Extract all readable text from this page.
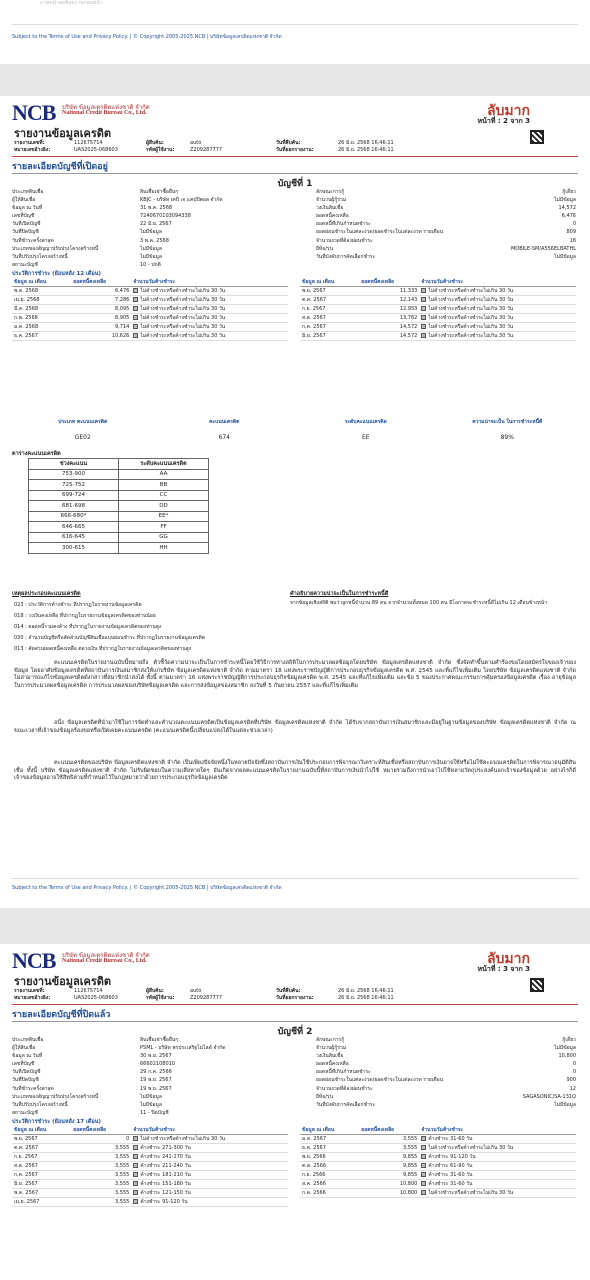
ภาพหน้าจอข้อความก่อนหน้า
Subject to the Terms of Use and Privacy Policy. | © Copyright 2005-2025 NCB | บริษัทข้อมูลเครดิตแห่งชาติ จำกัด
NCB บริษัท ข้อมูลเครดิตแห่งชาติ จำกัด
National Credit Bureau Co., Ltd.	ลับมาก
หน้าที่ : 2 จาก 3
รายงานข้อมูลเครดิต
รายงานเลขที่:	112675714	ผู้สืบค้น:	auto	วันที่สืบค้น:	26 มิ.ย. 2568 16:46:11
หมายเลขอ้างอิง:	UAS2025-068603	รหัสผู้ใช้งาน:	Z209287777	วันที่ออกรายงาน:	26 มิ.ย. 2568 16:46:11
รายละเอียดบัญชีที่เปิดอยู่
บัญชีที่ 1
ประเภทสินเชื่อ	สินเชื่อเช่าซื้ออื่นๆ
ผู้ให้สินเชื่อ	KBJC - บริษัท เคบี เจ แคปปิตอล จำกัด
ข้อมูล ณ วันที่	31 พ.ค. 2568
เลขที่บัญชี	7240670103094338
วันที่เปิดบัญชี	22 มิ.ย. 2567
วันที่ปิดบัญชี	ไม่มีข้อมูล
วันที่ชำระครั้งล่าสุด	3 พ.ค. 2568
ประเภทของสัญญาปรับปรุงโครงสร้างหนี้	ไม่มีข้อมูล
วันที่ปรับปรุงโครงสร้างหนี้	ไม่มีข้อมูล
สถานะบัญชี	10 - ปกติ
ลักษณะการกู้	กู้เดี่ยว
จำนวนผู้กู้ร่วม	ไม่มีข้อมูล
วงเงินสินเชื่อ	14,572
ยอดหนี้คงเหลือ	6,476
ยอดหนี้ที่เกินกำหนดชำระ	0
ยอดผ่อนชำระในแต่ละงวด/ยอดชำระในแต่ละงวด รายเดือน	809
จำนวนงวดที่ต้องผ่อนชำระ	18
ยี่ห้อ/รุ่น	MOBILE-SM/A556ELBATHL
วันที่บังคับการคัดเลือกชำระ	ไม่มีข้อมูล
ประวัติการชำระ (ย้อนหลัง 12 เดือน)
ข้อมูล ณ เดือน	ยอดหนี้คงเหลือ	จำนวนวันค้างชำระ
พ.ค. 2568	6,476	ไม่ค้างชำระหรือค้างชำระไม่เกิน 30 วัน
เม.ย. 2568	7,286	ไม่ค้างชำระหรือค้างชำระไม่เกิน 30 วัน
มี.ค. 2568	8,095	ไม่ค้างชำระหรือค้างชำระไม่เกิน 30 วัน
ก.พ. 2568	8,905	ไม่ค้างชำระหรือค้างชำระไม่เกิน 30 วัน
ม.ค. 2568	9,714	ไม่ค้างชำระหรือค้างชำระไม่เกิน 30 วัน
ธ.ค. 2567	10,626	ไม่ค้างชำระหรือค้างชำระไม่เกิน 30 วัน
ข้อมูล ณ เดือน	ยอดหนี้คงเหลือ	จำนวนวันค้างชำระ
พ.ย. 2567	11,333	ไม่ค้างชำระหรือค้างชำระไม่เกิน 30 วัน
ต.ค. 2567	12,143	ไม่ค้างชำระหรือค้างชำระไม่เกิน 30 วัน
ก.ย. 2567	12,953	ไม่ค้างชำระหรือค้างชำระไม่เกิน 30 วัน
ส.ค. 2567	13,762	ไม่ค้างชำระหรือค้างชำระไม่เกิน 30 วัน
ก.ค. 2567	14,572	ไม่ค้างชำระหรือค้างชำระไม่เกิน 30 วัน
มิ.ย. 2567	14,572	ไม่ค้างชำระหรือค้างชำระไม่เกิน 30 วัน
ประเภท คะแนนเครดิต	คะแนนเครดิต	ระดับคะแนนเครดิต	ความน่าจะเป็น ในการชำระหนี้ดี
GE02	674	EE	89%
ตารางคะแนนเครดิต
ช่วงคะแนน	ระดับคะแนนเครดิต
753-900	AA
725-752	BB
699-724	CC
681-698	DD
666-680*	EE*
646-665	FF
616-645	GG
300-615	HH
เหตุผลประกอบคะแนนเครดิต
023 : ประวัติการค้างชำระ ที่ปรากฏในรายงานข้อมูลเครดิต
018 : วงเงินคงเหลือ ที่ปรากฏในรายงานข้อมูลเครดิตของท่านน้อย
014 : ยอดหนี้รวมคงค้าง ที่ปรากฏในรายงานข้อมูลเครดิตของท่านสูง
030 : จำนวนบัญชีหรือสัดส่วนบัญชีสินเชื่อแบบผ่อนชำระ ที่ปรากฏในรายงานข้อมูลเครดิต
013 : สัดส่วนยอดหนี้คงเหลือ ต่อวงเงิน ที่ปรากฏในรายงานข้อมูลเครดิตของท่านสูง
คำอธิบายความน่าจะเป็นในการชำระหนี้ดี
จากข้อมูลเชิงสถิติ พบว่าลูกหนี้จำนวน 89 คน จากจำนวนทั้งหมด 100 คน มีโอกาสจะชำระหนี้ดีไม่เกิน 12 เดือนข้างหน้า
คะแนนเครดิตในรายงานฉบับนี้หมายถึง ตัวชี้วัดความน่าจะเป็นในการชำระหนี้โดยใช้วิธีการทางสถิติในการประมวลผลข้อมูลโดยบริษัท ข้อมูลเครดิตแห่งชาติ จำกัด ซึ่งจัดทำขึ้นตามคำร้องขอโดยสมัครใจของเจ้าของข้อมูล โดยอาศัยข้อมูลเครดิตที่สถาบันการเงินสมาชิกส่งให้แก่บริษัท ข้อมูลเครดิตแห่งชาติ จำกัด ตามมาตรา 18 แห่งพระราชบัญญัติการประกอบธุรกิจข้อมูลเครดิต พ.ศ. 2545 และที่แก้ไขเพิ่มเติม โดยบริษัท ข้อมูลเครดิตแห่งชาติ จำกัด ไม่สามารถแก้ไขข้อมูลเครดิตดังกล่าวที่สมาชิกนำส่งได้ ทั้งนี้ ตามมาตรา 16 แห่งพระราชบัญญัติการประกอบธุรกิจข้อมูลเครดิต พ.ศ. 2545 และที่แก้ไขเพิ่มเติม และข้อ 5 ของประกาศคณะกรรมการคุ้มครองข้อมูลเครดิต เรื่อง อายุข้อมูลในการประมวลผลข้อมูลเครดิต การประมวลผลของบริษัทข้อมูลเครดิต และการส่งข้อมูลของสมาชิก ลงวันที่ 5 กันยายน 2557 และที่แก้ไขเพิ่มเติม
อนึ่ง ข้อมูลเครดิตที่นำมาใช้ในการจัดทำและคำนวณคะแนนเครดิตเป็นข้อมูลเครดิตที่บริษัท ข้อมูลเครดิตแห่งชาติ จำกัด ได้รับจากสถาบันการเงินสมาชิกและมีอยู่ในฐานข้อมูลของบริษัท ข้อมูลเครดิตแห่งชาติ จำกัด ณ ขณะเวลาที่เจ้าของข้อมูลร้องขอหรือเปิดเผยคะแนนเครดิต (คะแนนเครดิตนี้เปลี่ยนแปลงได้ในแต่ละช่วงเวลา)
คะแนนเครดิตของบริษัท ข้อมูลเครดิตแห่งชาติ จำกัด เป็นเพียงปัจจัยหนึ่งในหลายปัจจัยซึ่งสถาบันการเงินใช้ประกอบการพิจารณาวิเคราะห์สินเชื่อหรือสถาบันการเงินอาจใช้หรือไม่ใช้คะแนนเครดิตในการพิจารณาอนุมัติสินเชื่อ ทั้งนี้ บริษัท ข้อมูลเครดิตแห่งชาติ จำกัด ไม่รับผิดชอบในความเสียหายใดๆ อันเกิดจากผลคะแนนเครดิตในรายงานฉบับนี้ที่สถาบันการเงินนำไปใช้ หมายรวมถึงการนำเอาไปใช้หลายวัตถุประสงค์นอกเจ้าของข้อมูลด้วย อย่างไรก็ดีเจ้าของข้อมูลอาจใช้สิทธิตามที่กำหนดไว้ในกฎหมายว่าด้วยการประกอบธุรกิจข้อมูลเครดิต
Subject to the Terms of Use and Privacy Policy. | © Copyright 2005-2025 NCB | บริษัทข้อมูลเครดิตแห่งชาติ จำกัด
NCB บริษัท ข้อมูลเครดิตแห่งชาติ จำกัด
National Credit Bureau Co., Ltd.	ลับมาก
หน้าที่ : 3 จาก 3
รายงานข้อมูลเครดิต
รายงานเลขที่:	112675714	ผู้สืบค้น:	auto	วันที่สืบค้น:	26 มิ.ย. 2568 16:46:11
หมายเลขอ้างอิง:	UAS2025-068603	รหัสผู้ใช้งาน:	Z209287777	วันที่ออกรายงาน:	26 มิ.ย. 2568 16:46:11
รายละเอียดบัญชีที่ปิดแล้ว
บัญชีที่ 2
ประเภทสินเชื่อ	สินเชื่อเช่าซื้ออื่นๆ
ผู้ให้สินเชื่อ	PSML - บริษัท พรประเสริฐโมไลด์ จำกัด
ข้อมูล ณ วันที่	30 พ.ย. 2567
เลขที่บัญชี	66602108010
วันที่เปิดบัญชี	29 ก.ค. 2566
วันที่ปิดบัญชี	19 พ.ย. 2567
วันที่ชำระครั้งล่าสุด	19 พ.ย. 2567
ประเภทของสัญญาปรับปรุงโครงสร้างหนี้	ไม่มีข้อมูล
วันที่ปรับปรุงโครงสร้างหนี้	ไม่มีข้อมูล
สถานะบัญชี	11 - ปิดบัญชี
ลักษณะการกู้	กู้เดี่ยว
จำนวนผู้กู้ร่วม	ไม่มีข้อมูล
วงเงินสินเชื่อ	10,800
ยอดหนี้คงเหลือ	0
ยอดหนี้ที่เกินกำหนดชำระ	0
ยอดผ่อนชำระในแต่ละงวด/ยอดชำระในแต่ละงวด รายเดือน	900
จำนวนงวดที่ต้องผ่อนชำระ	12
ยี่ห้อ/รุ่น	SAGASONIC/SA-131Q
วันที่บังคับการคัดเลือกชำระ	ไม่มีข้อมูล
ประวัติการชำระ (ย้อนหลัง 17 เดือน)
ข้อมูล ณ เดือน	ยอดหนี้คงเหลือ	จำนวนวันค้างชำระ
พ.ย. 2567	0	ไม่ค้างชำระหรือค้างชำระไม่เกิน 30 วัน
ต.ค. 2567	3,555	ค้างชำระ 271-300 วัน
ก.ย. 2567	3,555	ค้างชำระ 241-270 วัน
ส.ค. 2567	3,555	ค้างชำระ 211-240 วัน
ก.ค. 2567	3,555	ค้างชำระ 181-210 วัน
มิ.ย. 2567	3,555	ค้างชำระ 151-180 วัน
พ.ค. 2567	3,555	ค้างชำระ 121-150 วัน
เม.ย. 2567	3,555	ค้างชำระ 91-120 วัน
ข้อมูล ณ เดือน	ยอดหนี้คงเหลือ	จำนวนวันค้างชำระ
ม.ค. 2567	3,555	ค้างชำระ 31-60 วัน
ธ.ค. 2567	3,555	ไม่ค้างชำระหรือค้างชำระไม่เกิน 30 วัน
พ.ย. 2566	9,855	ค้างชำระ 91-120 วัน
ต.ค. 2566	9,855	ค้างชำระ 61-90 วัน
ก.ย. 2566	9,855	ค้างชำระ 31-60 วัน
ส.ค. 2566	10,800	ค้างชำระ 31-60 วัน
ก.ค. 2566	10,800	ไม่ค้างชำระหรือค้างชำระไม่เกิน 30 วัน
